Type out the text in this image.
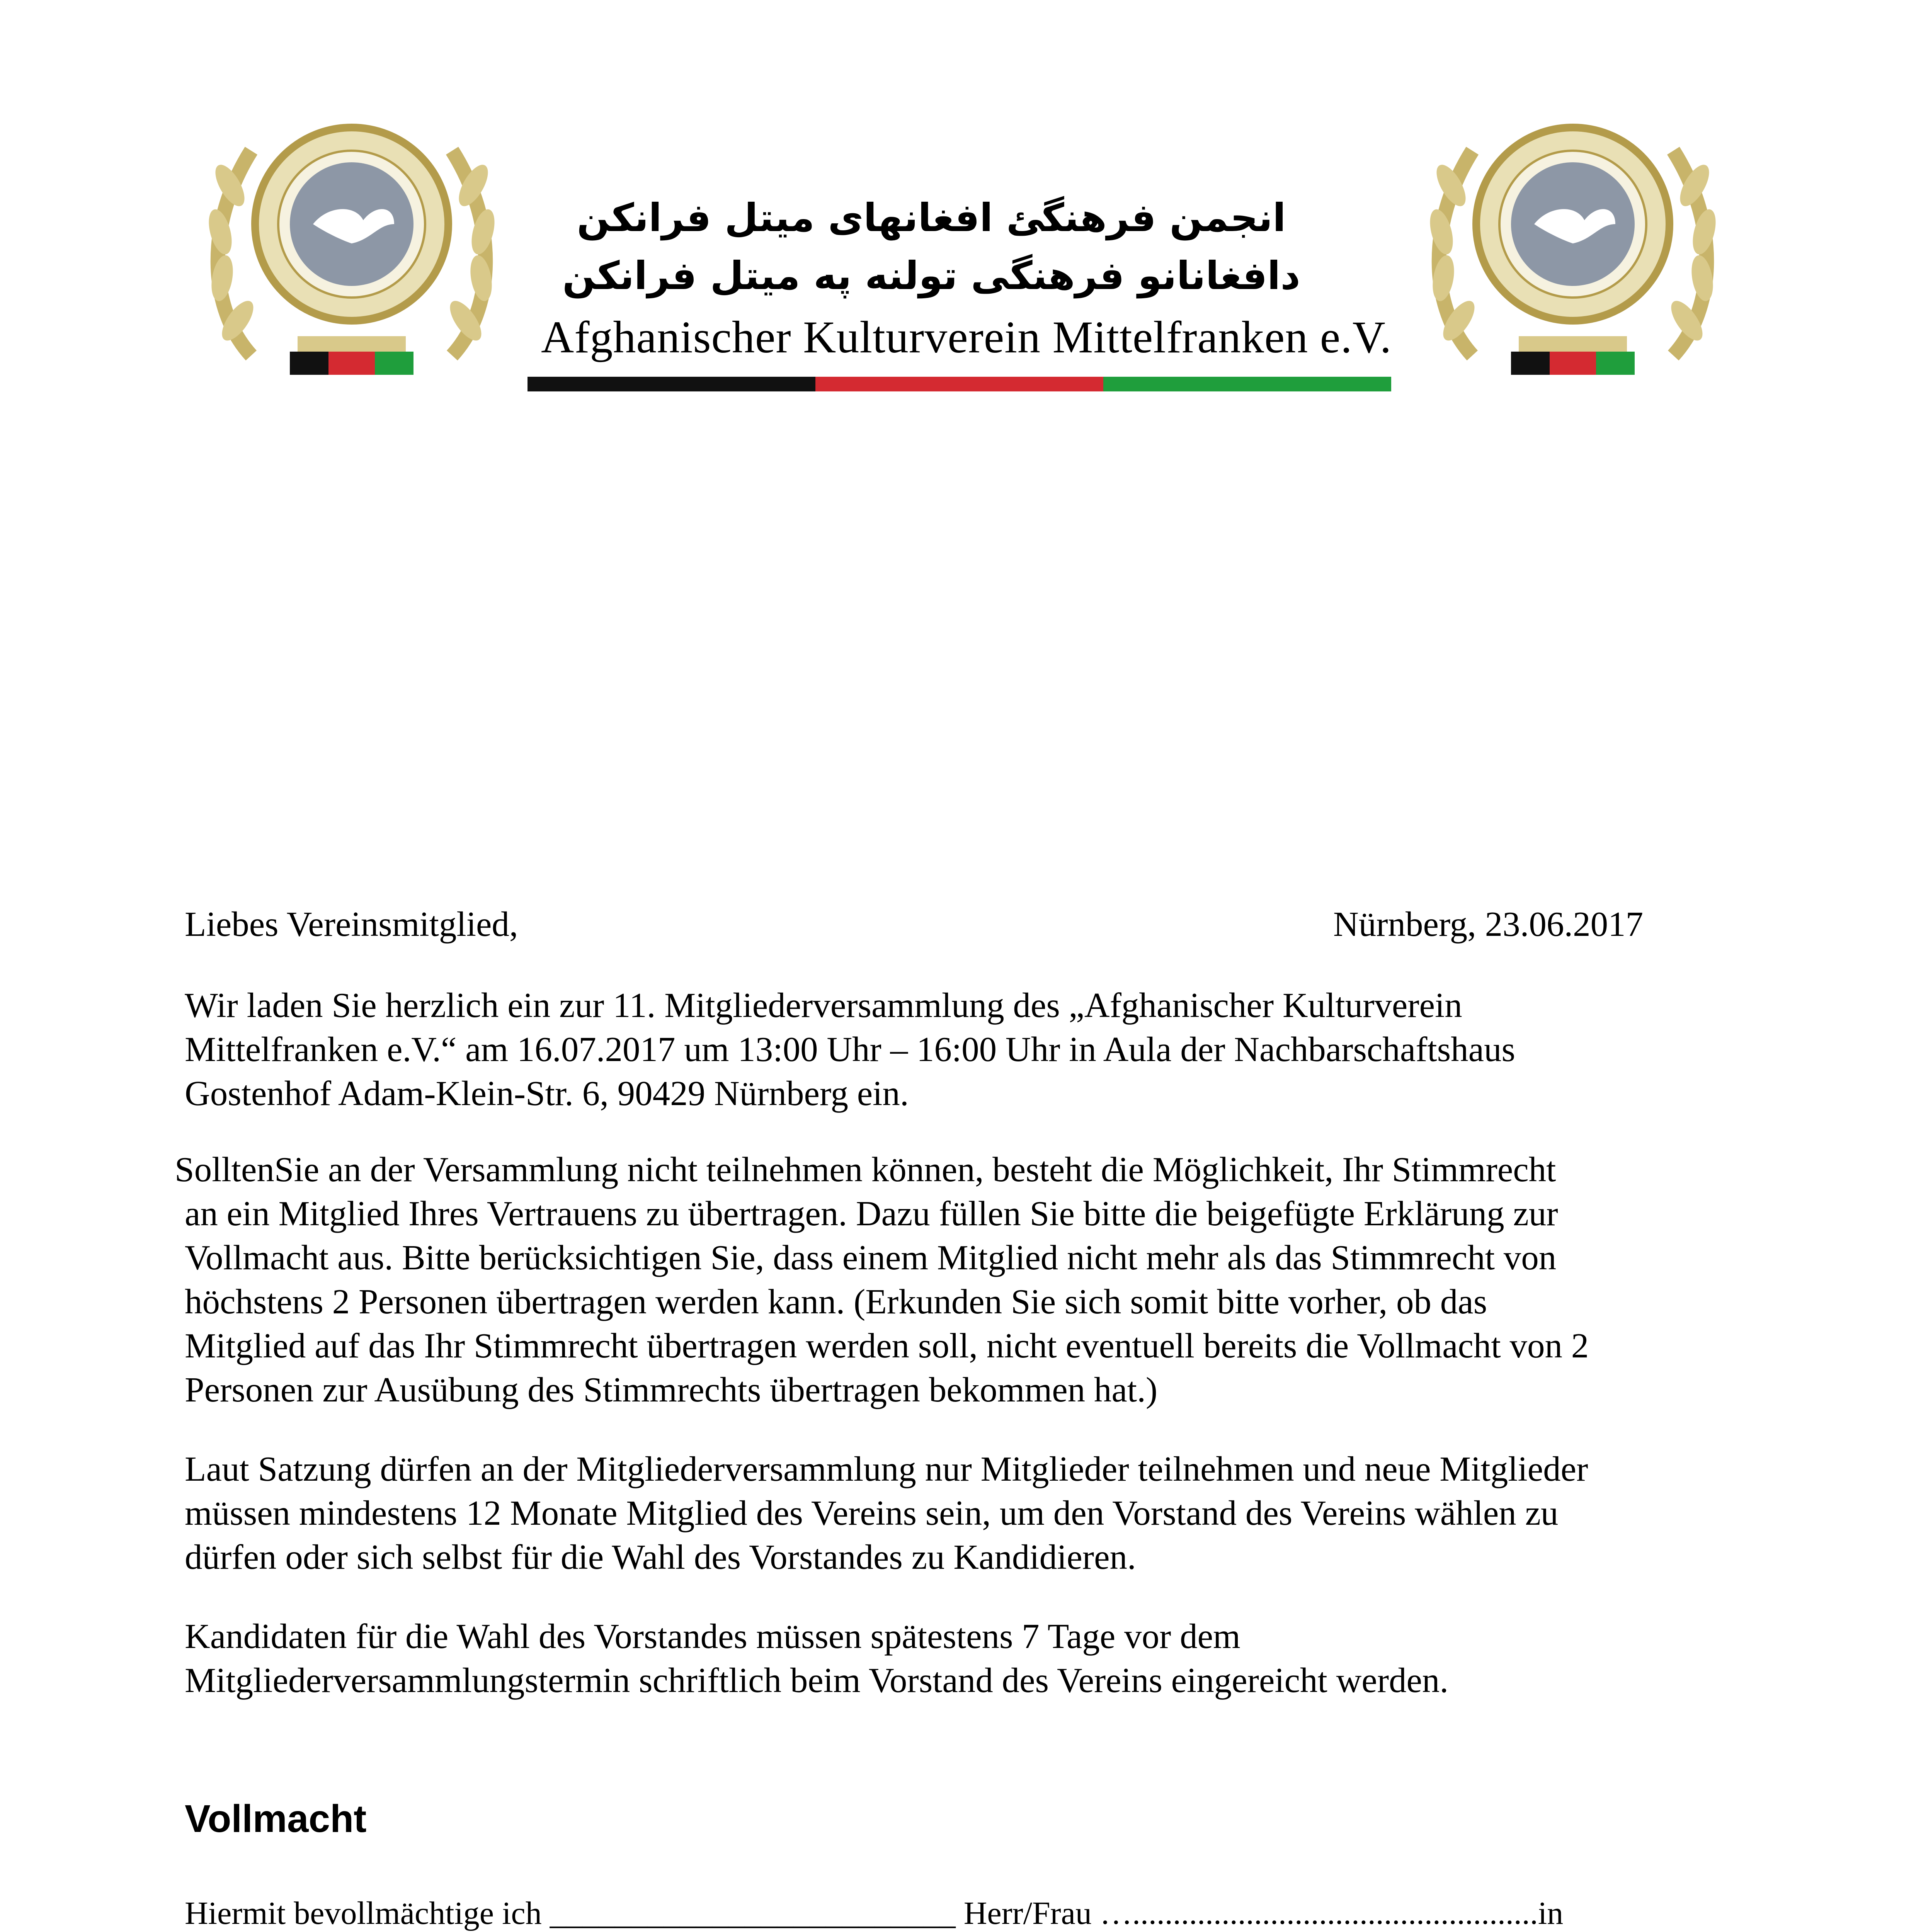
انجمن فرهنگئ افغانهای میتل فرانکن
دافغانانو فرهنگی تولنه په میتل فرانکن
Afghanischer Kulturverein Mittelfranken e.V.
Liebes Vereinsmitglied,	Nürnberg, 23.06.2017
Wir laden Sie herzlich ein zur 11. Mitgliederversammlung des „Afghanischer Kulturverein
Mittelfranken e.V.“ am 16.07.2017 um 13:00 Uhr – 16:00 Uhr in Aula der Nachbarschaftshaus
Gostenhof Adam-Klein-Str. 6, 90429 Nürnberg ein.
SolltenSie an der Versammlung nicht teilnehmen können, besteht die Möglichkeit, Ihr Stimmrecht
an ein Mitglied Ihres Vertrauens zu übertragen. Dazu füllen Sie bitte die beigefügte Erklärung zur
Vollmacht aus. Bitte berücksichtigen Sie, dass einem Mitglied nicht mehr als das Stimmrecht von
höchstens 2 Personen übertragen werden kann. (Erkunden Sie sich somit bitte vorher, ob das
Mitglied auf das Ihr Stimmrecht übertragen werden soll, nicht eventuell bereits die Vollmacht von 2
Personen zur Ausübung des Stimmrechts übertragen bekommen hat.)
Laut Satzung dürfen an der Mitgliederversammlung nur Mitglieder teilnehmen und neue Mitglieder
müssen mindestens 12 Monate Mitglied des Vereins sein, um den Vorstand des Vereins wählen zu
dürfen oder sich selbst für die Wahl des Vorstandes zu Kandidieren.
Kandidaten für die Wahl des Vorstandes müssen spätestens 7 Tage vor dem
Mitgliederversammlungstermin schriftlich beim Vorstand des Vereins eingereicht werden.
Vollmacht
Hiermit bevollmächtige ich _________________________ Herr/Frau …..................................................in
